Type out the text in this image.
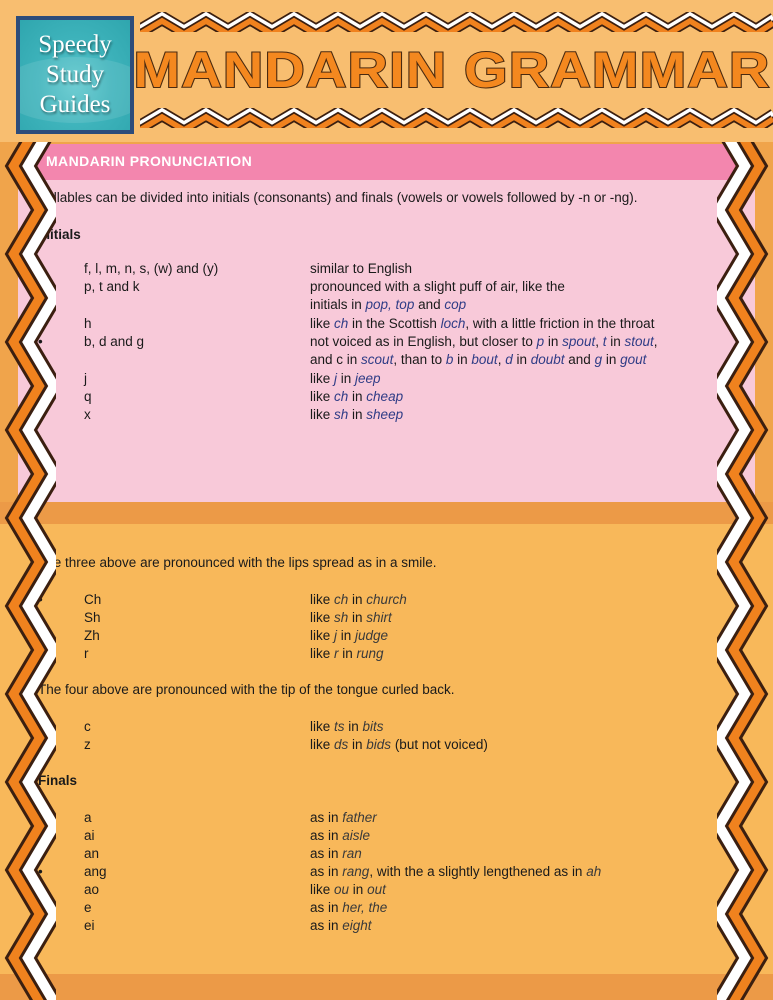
Speedy
Study
Guides
MANDARIN GRAMMAR
MANDARIN PRONUNCIATION
Syllables can be divided into initials (consonants) and finals (vowels or vowels followed by -n or -ng).
Initials
•	f, l, m, n, s, (w) and (y)	similar to English
•	p, t and k	pronounced with a slight puff of air, like the
initials in pop, top and cop
•	h	like ch in the Scottish loch, with a little friction in the throat
•	b, d and g	not voiced as in English, but closer to p in spout, t in stout,
and c in scout, than to b in bout, d in doubt and g in gout
•	j	like j in jeep
•	q	like ch in cheap
•	x	like sh in sheep
The three above are pronounced with the lips spread as in a smile.
•	Ch	like ch in church
•	Sh	like sh in shirt
•	Zh	like j in judge
•	r	like r in rung
The four above are pronounced with the tip of the tongue curled back.
•	c	like ts in bits
•	z	like ds in bids (but not voiced)
Finals
•	a	as in father
•	ai	as in aisle
•	an	as in ran
•	ang	as in rang, with the a slightly lengthened as in ah
•	ao	like ou in out
•	e	as in her, the
•	ei	as in eight
